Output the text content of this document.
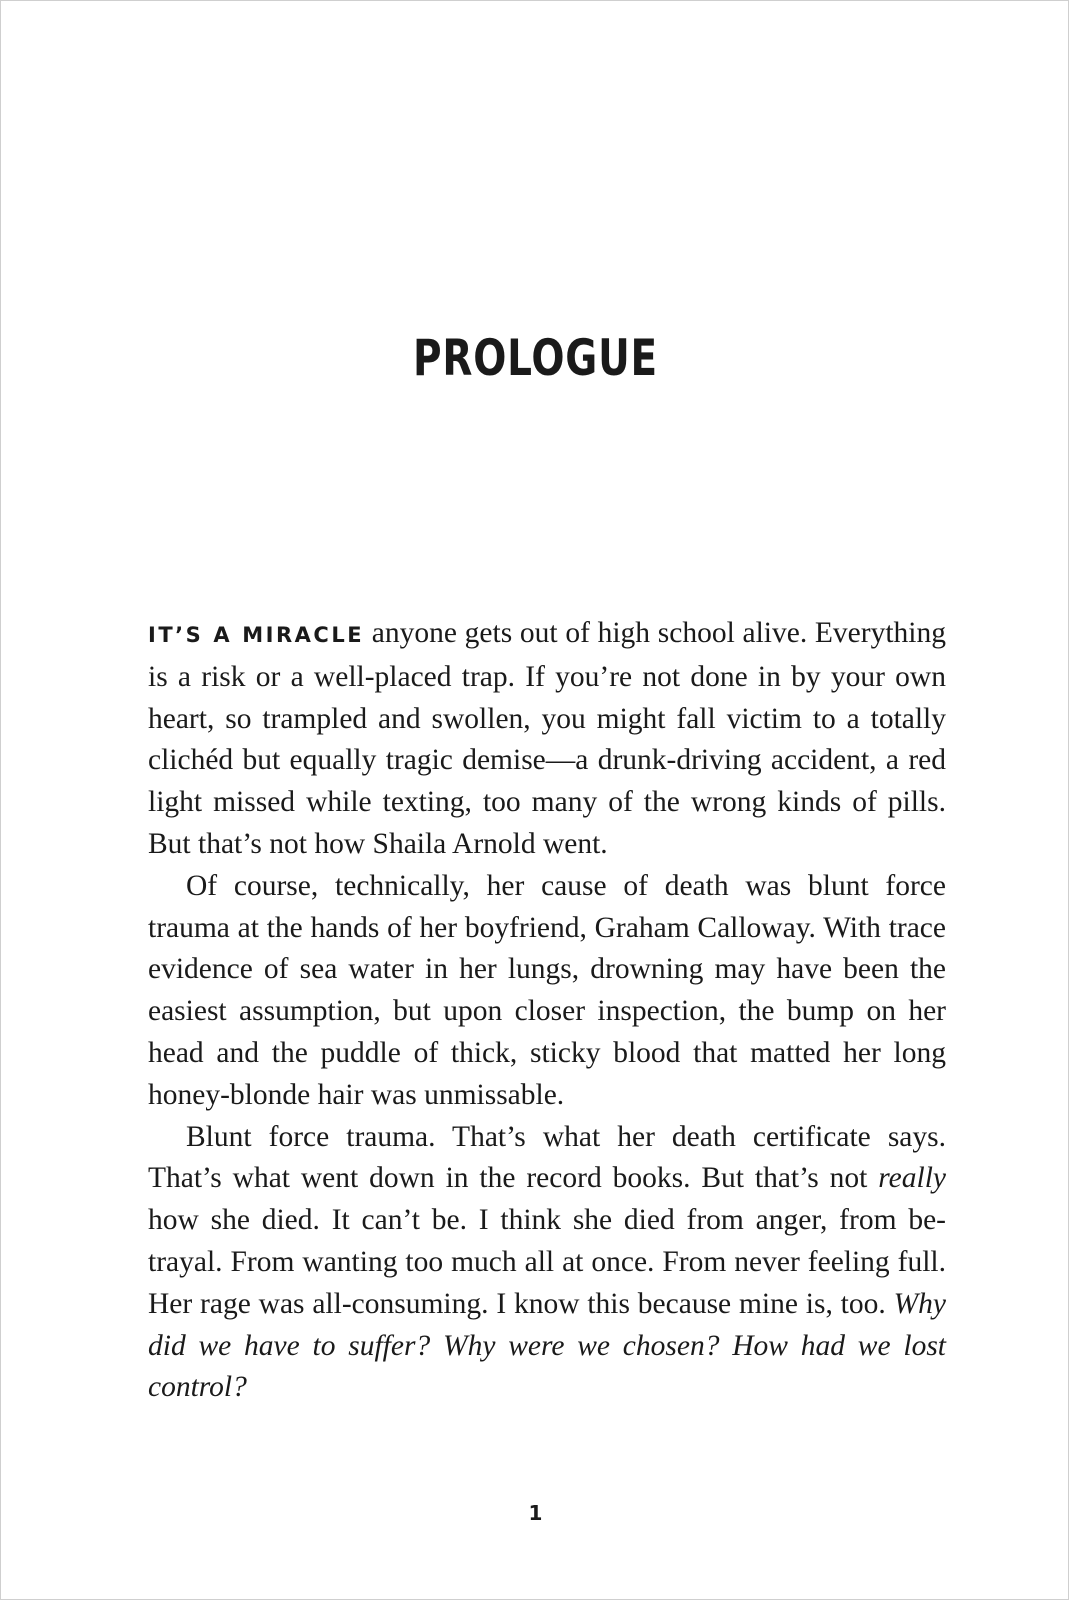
PROLOGUE

IT’S A MIRACLE anyone gets out of high school alive. Everything is a risk or a well-placed trap. If you’re not done in by your own heart, so trampled and swollen, you might fall victim to a totally clichéd but equally tragic demise—a drunk-driving accident, a red light missed while texting, too many of the wrong kinds of pills. But that’s not how Shaila Arnold went.

Of course, technically, her cause of death was blunt force trauma at the hands of her boyfriend, Graham Calloway. With trace evidence of sea water in her lungs, drowning may have been the easiest assumption, but upon closer inspection, the bump on her head and the puddle of thick, sticky blood that matted her long honey-blonde hair was unmissable.

Blunt force trauma. That’s what her death certificate says. That’s what went down in the record books. But that’s not really how she died. It can’t be. I think she died from anger, from betrayal. From wanting too much all at once. From never feeling full. Her rage was all-consuming. I know this because mine is, too. Why did we have to suffer? Why were we chosen? How had we lost control?

1
